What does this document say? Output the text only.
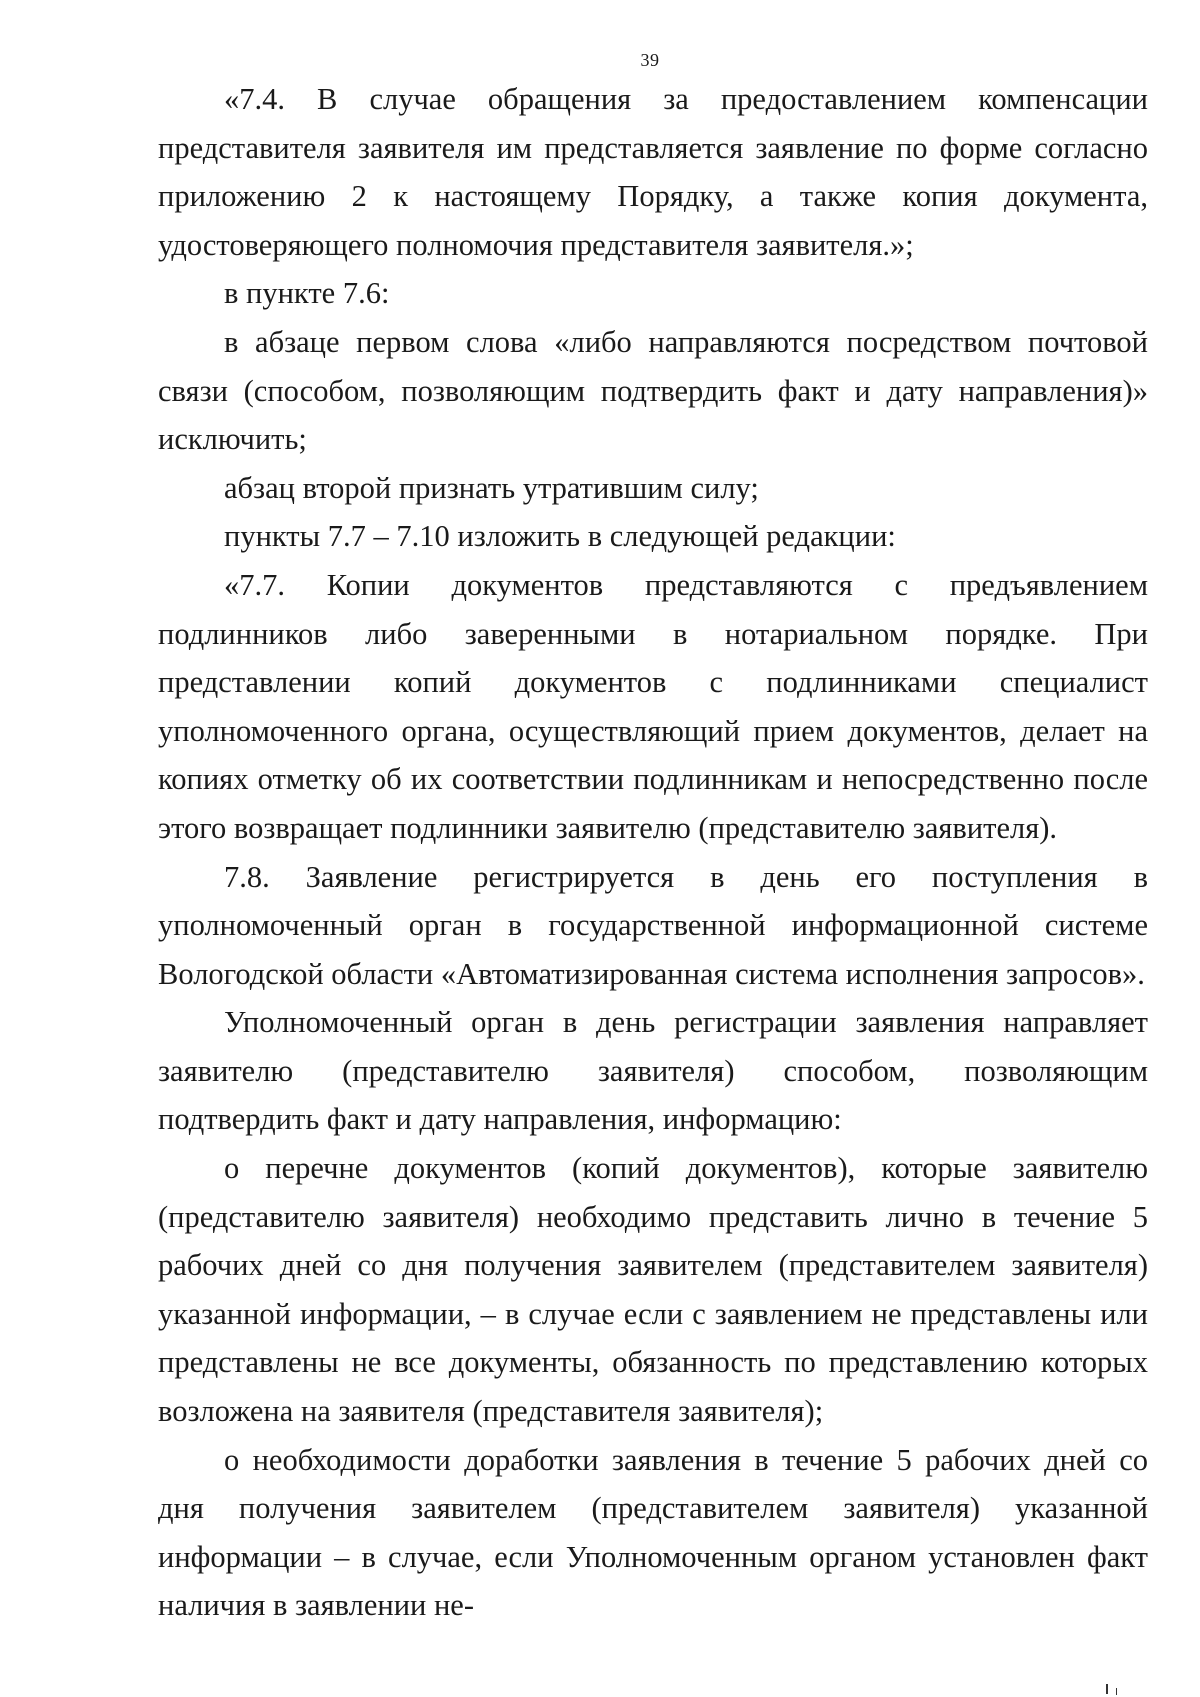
39

«7.4. В случае обращения за предоставлением компенсации представителя заявителя им представляется заявление по форме согласно приложению 2 к настоящему Порядку, а также копия документа, удостоверяющего полномочия представителя заявителя.»;

в пункте 7.6:

в абзаце первом слова «либо направляются посредством почтовой связи (способом, позволяющим подтвердить факт и дату направления)» исключить;

абзац второй признать утратившим силу;

пункты 7.7 – 7.10 изложить в следующей редакции:

«7.7. Копии документов представляются с предъявлением подлинников либо заверенными в нотариальном порядке. При представлении копий документов с подлинниками специалист уполномоченного органа, осуществляющий прием документов, делает на копиях отметку об их соответствии подлинникам и непосредственно после этого возвращает подлинники заявителю (представителю заявителя).

7.8. Заявление регистрируется в день его поступления в уполномоченный орган в государственной информационной системе Вологодской области «Автоматизированная система исполнения запросов».

Уполномоченный орган в день регистрации заявления направляет заявителю (представителю заявителя) способом, позволяющим подтвердить факт и дату направления, информацию:

о перечне документов (копий документов), которые заявителю (представителю заявителя) необходимо представить лично в течение 5 рабочих дней со дня получения заявителем (представителем заявителя) указанной информации, – в случае если с заявлением не представлены или представлены не все документы, обязанность по представлению которых возложена на заявителя (представителя заявителя);

о необходимости доработки заявления в течение 5 рабочих дней со дня получения заявителем (представителем заявителя) указанной информации – в случае, если Уполномоченным органом установлен факт наличия в заявлении не-
